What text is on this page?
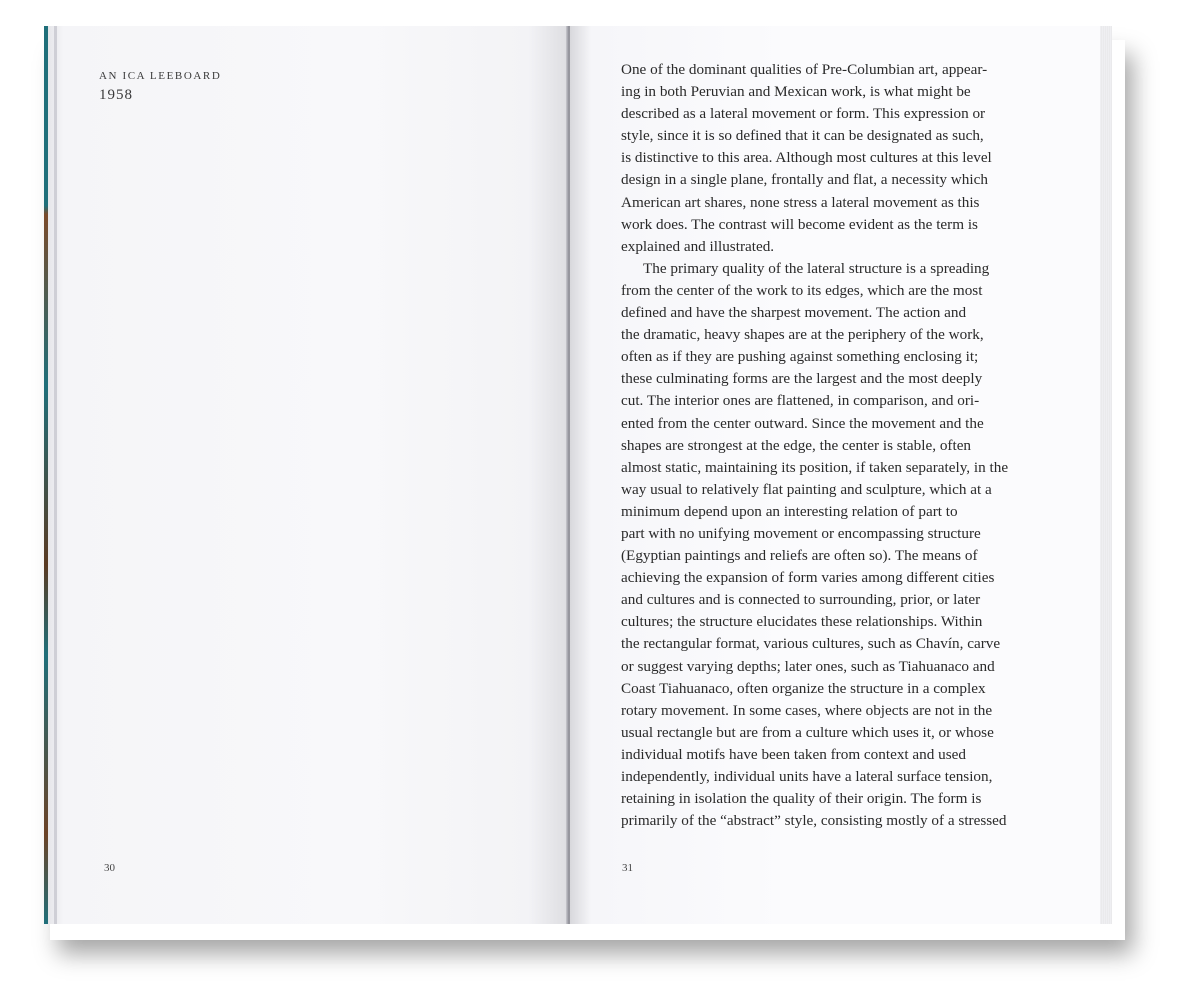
AN ICA LEEBOARD
1958
30
One of the dominant qualities of Pre-Columbian art, appear-
ing in both Peruvian and Mexican work, is what might be
described as a lateral movement or form. This expression or
style, since it is so defined that it can be designated as such,
is distinctive to this area. Although most cultures at this level
design in a single plane, frontally and flat, a necessity which
American art shares, none stress a lateral movement as this
work does. The contrast will become evident as the term is
explained and illustrated.
The primary quality of the lateral structure is a spreading
from the center of the work to its edges, which are the most
defined and have the sharpest movement. The action and
the dramatic, heavy shapes are at the periphery of the work,
often as if they are pushing against something enclosing it;
these culminating forms are the largest and the most deeply
cut. The interior ones are flattened, in comparison, and ori-
ented from the center outward. Since the movement and the
shapes are strongest at the edge, the center is stable, often
almost static, maintaining its position, if taken separately, in the
way usual to relatively flat painting and sculpture, which at a
minimum depend upon an interesting relation of part to
part with no unifying movement or encompassing structure
(Egyptian paintings and reliefs are often so). The means of
achieving the expansion of form varies among different cities
and cultures and is connected to surrounding, prior, or later
cultures; the structure elucidates these relationships. Within
the rectangular format, various cultures, such as Chavín, carve
or suggest varying depths; later ones, such as Tiahuanaco and
Coast Tiahuanaco, often organize the structure in a complex
rotary movement. In some cases, where objects are not in the
usual rectangle but are from a culture which uses it, or whose
individual motifs have been taken from context and used
independently, individual units have a lateral surface tension,
retaining in isolation the quality of their origin. The form is
primarily of the “abstract” style, consisting mostly of a stressed
31
